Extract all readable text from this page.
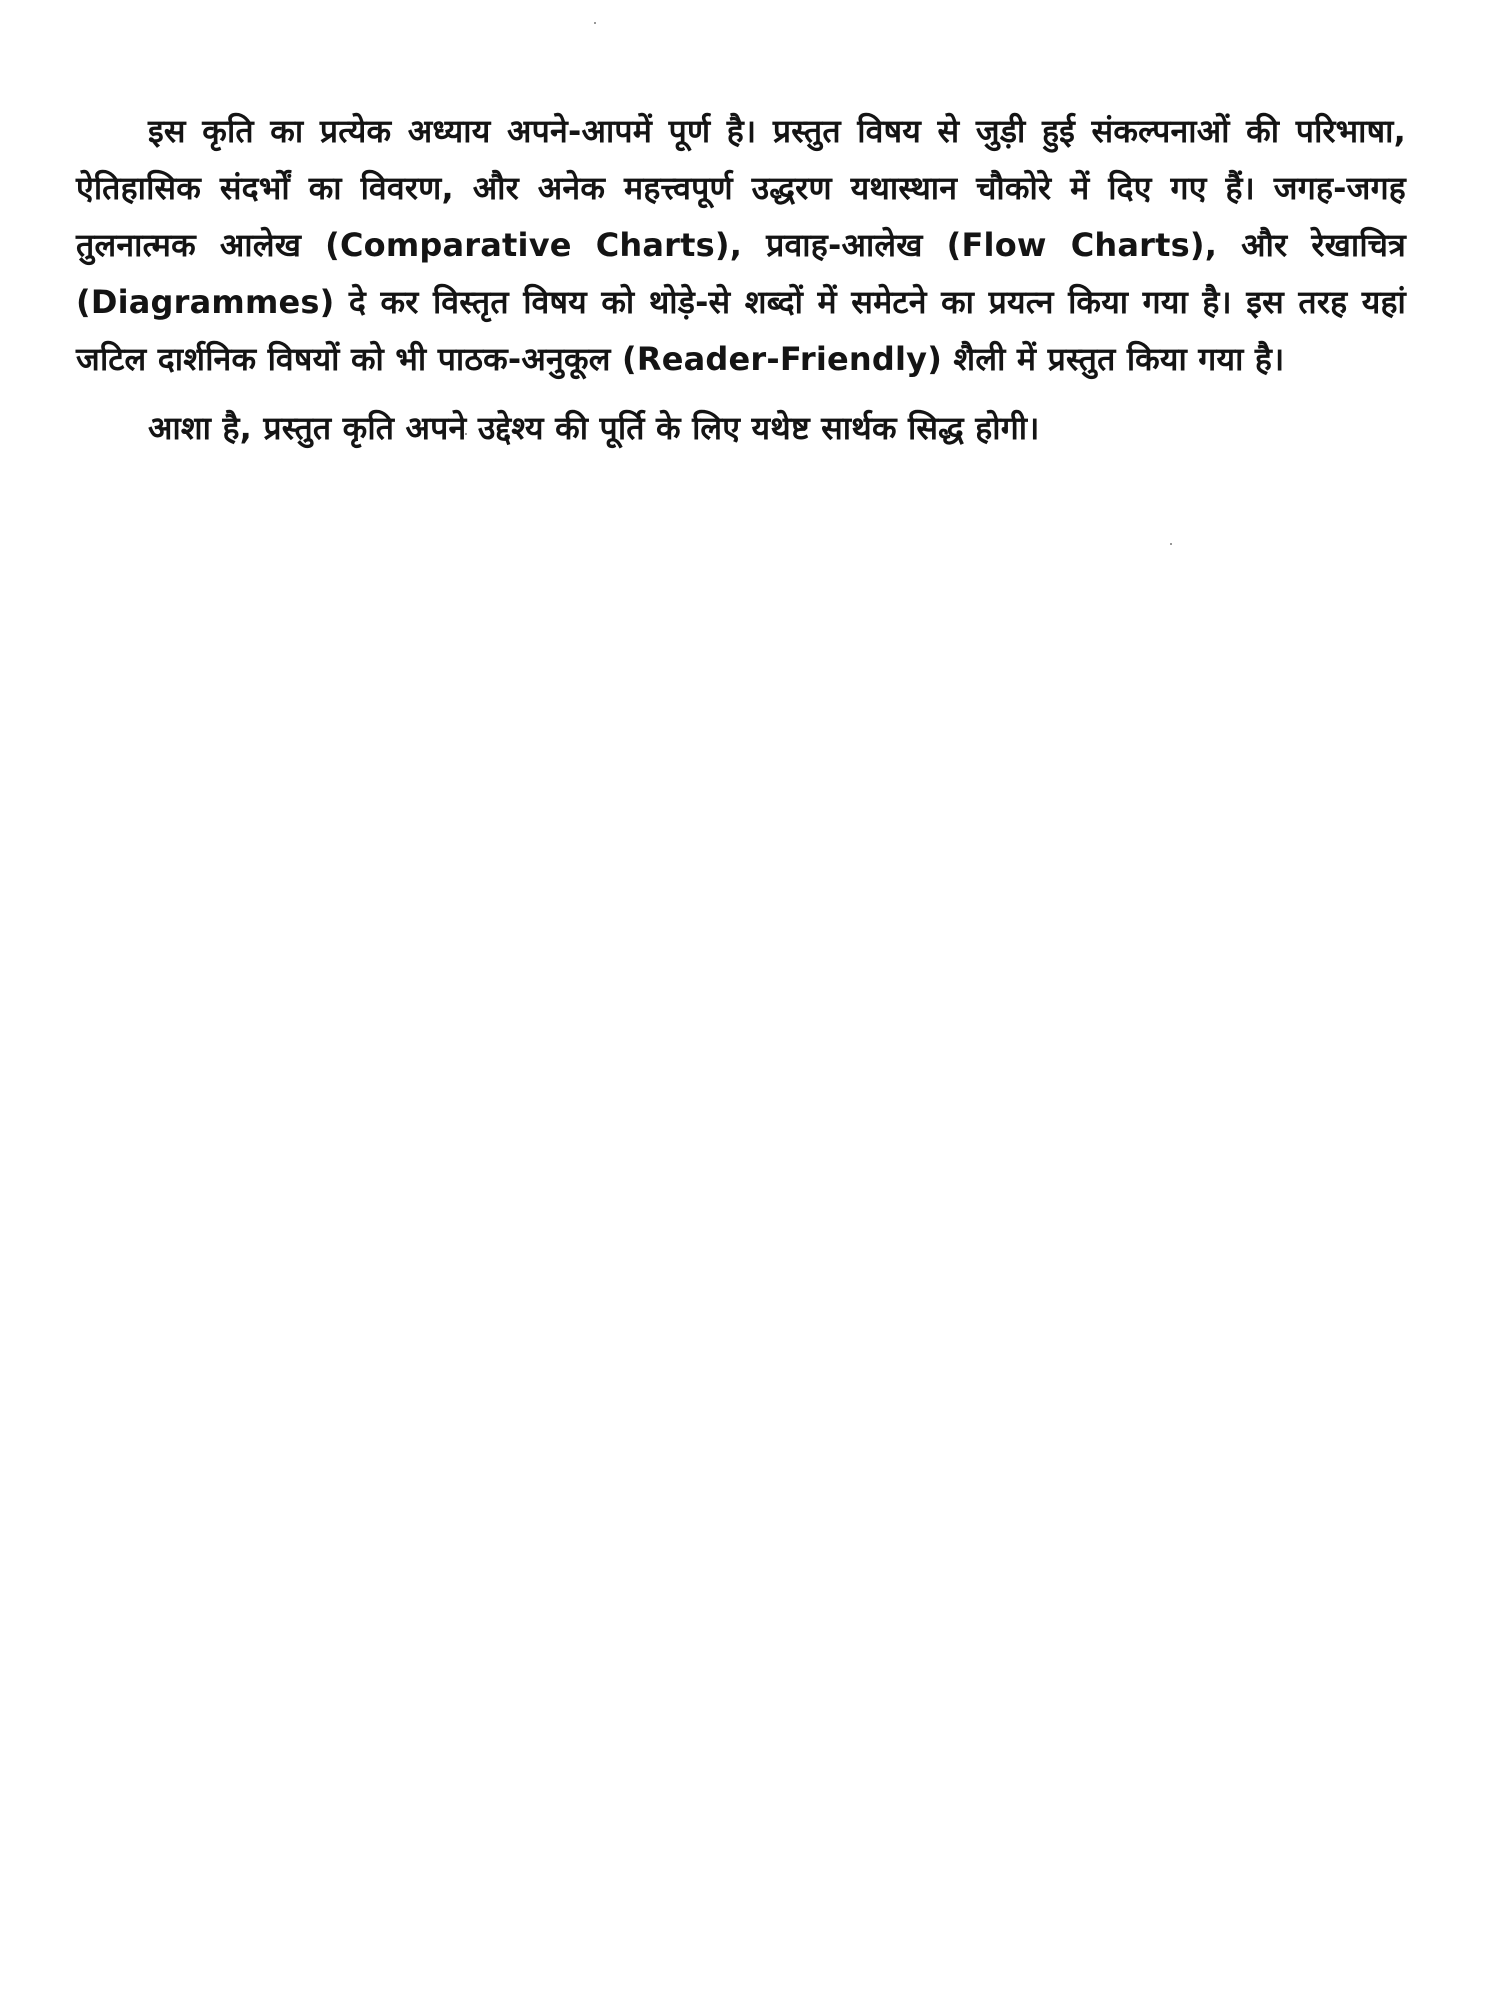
इस कृति का प्रत्येक अध्याय अपने-आपमें पूर्ण है। प्रस्तुत विषय से जुड़ी हुई संकल्पनाओं की परिभाषा, ऐतिहासिक संदर्भों का विवरण, और अनेक महत्त्वपूर्ण उद्धरण यथास्थान चौकोरे में दिए गए हैं। जगह-जगह तुलनात्मक आलेख (Comparative Charts), प्रवाह-आलेख (Flow Charts), और रेखाचित्र (Diagrammes) दे कर विस्तृत विषय को थोड़े-से शब्दों में समेटने का प्रयत्न किया गया है। इस तरह यहां जटिल दार्शनिक विषयों को भी पाठक-अनुकूल (Reader-Friendly) शैली में प्रस्तुत किया गया है।

आशा है, प्रस्तुत कृति अपने उद्देश्य की पूर्ति के लिए यथेष्ट सार्थक सिद्ध होगी।
